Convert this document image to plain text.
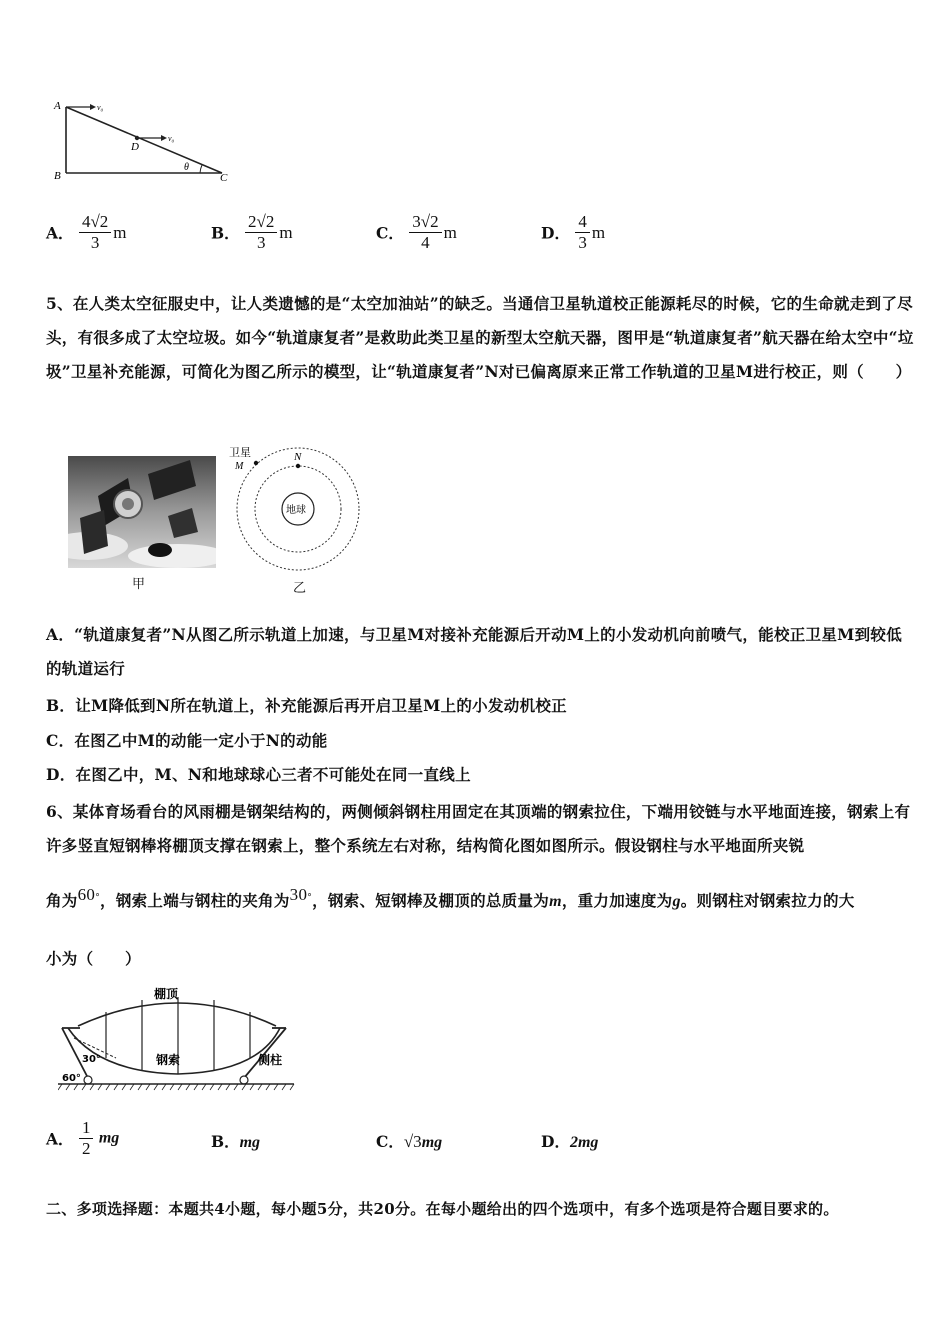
A
B	C
D
v₀
v₀
θ
A． $\frac{4√2}{3}$ m	B． $\frac{2√2}{3}$ m	C． $\frac{3√2}{4}$ m	D． $\frac{4}{3}$ m
5、在人类太空征服史中，让人类遗憾的是“太空加油站”的缺乏。当通信卫星轨道校正能源耗尽的时候，它的生命就走到了尽头，有很多成了太空垃圾。如今“轨道康复者”是救助此类卫星的新型太空航天器，图甲是“轨道康复者”航天器在给太空中“垃圾”卫星补充能源，可简化为图乙所示的模型，让“轨道康复者”N对已偏离原来正常工作轨道的卫星M进行校正，则（　　）
甲
卫星
M
N
地球
乙
A．“轨道康复者”N从图乙所示轨道上加速，与卫星M对接补充能源后开动M上的小发动机向前喷气，能校正卫星M到较低的轨道运行
B．让M降低到N所在轨道上，补充能源后再开启卫星M上的小发动机校正
C．在图乙中M的动能一定小于N的动能
D．在图乙中，M、N和地球球心三者不可能处在同一直线上
6、某体育场看台的风雨棚是钢架结构的，两侧倾斜钢柱用固定在其顶端的钢索拉住，下端用铰链与水平地面连接，钢索上有许多竖直短钢棒将棚顶支撑在钢索上，整个系统左右对称，结构简化图如图所示。假设钢柱与水平地面所夹锐
角为60°，钢索上端与钢柱的夹角为30°，钢索、短钢棒及棚顶的总质量为m，重力加速度为g。则钢柱对钢索拉力的大
小为（　　）
棚顶
钢索	侧柱
30°
60°
A． $\frac{1}{2}$ mg	B．mg	C．√3mg	D．2mg
二、多项选择题：本题共4小题，每小题5分，共20分。在每小题给出的四个选项中，有多个选项是符合题目要求的。
